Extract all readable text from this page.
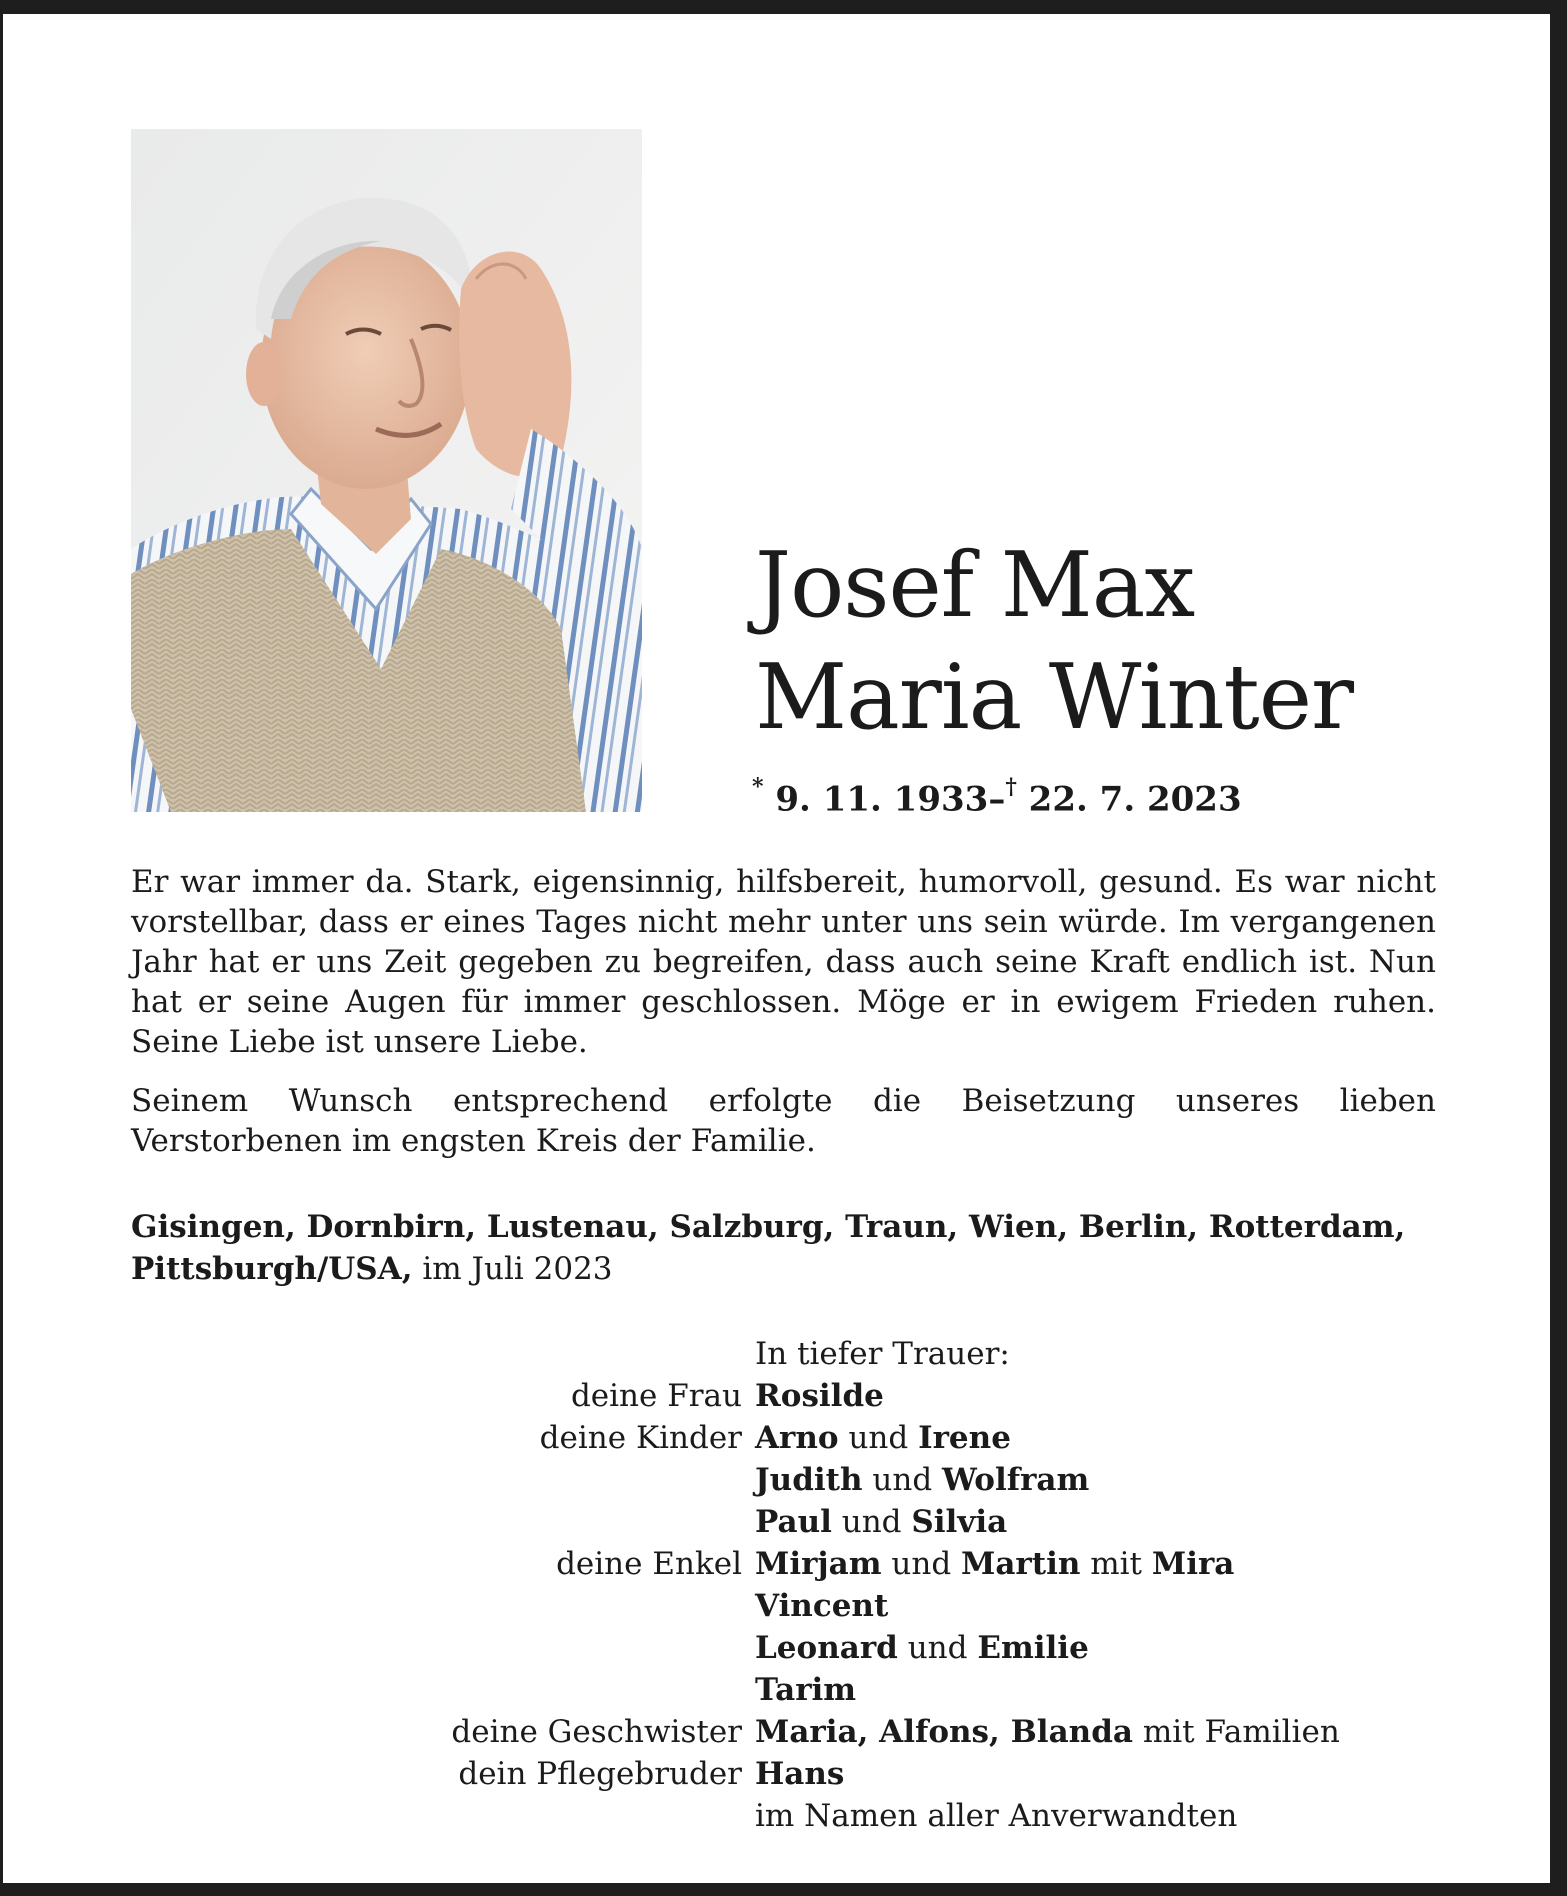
Josef Max
Maria Winter
* 9. 11. 1933–† 22. 7. 2023

Er war immer da. Stark, eigensinnig, hilfsbereit, humorvoll, gesund. Es war nicht vorstellbar, dass er eines Tages nicht mehr unter uns sein würde. Im vergangenen Jahr hat er uns Zeit gegeben zu begreifen, dass auch seine Kraft endlich ist. Nun hat er seine Augen für immer geschlossen. Möge er in ewigem Frieden ruhen. Seine Liebe ist unsere Liebe.

Seinem Wunsch entsprechend erfolgte die Beisetzung unseres lieben Verstorbenen im engsten Kreis der Familie.

Gisingen, Dornbirn, Lustenau, Salzburg, Traun, Wien, Berlin, Rotterdam, Pittsburgh/USA, im Juli 2023

In tiefer Trauer:
deine Frau Rosilde
deine Kinder Arno und Irene
Judith und Wolfram
Paul und Silvia
deine Enkel Mirjam und Martin mit Mira
Vincent
Leonard und Emilie
Tarim
deine Geschwister Maria, Alfons, Blanda mit Familien
dein Pflegebruder Hans
im Namen aller Anverwandten
